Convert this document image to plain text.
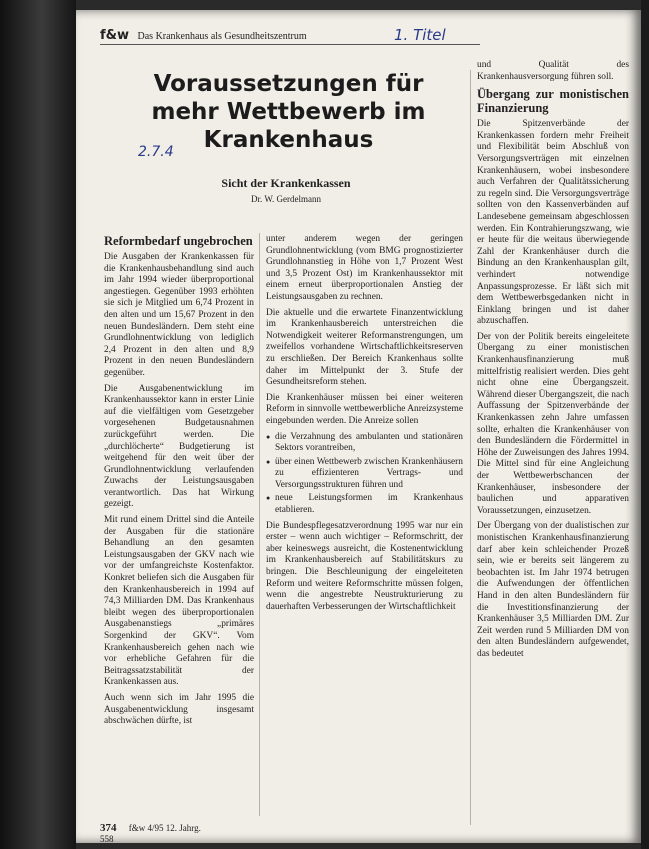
f&w Das Krankenhaus als Gesundheitszentrum	1. Titel
2.7.4
Voraussetzungen für mehr Wettbewerb im Krankenhaus
Sicht der Krankenkassen
Dr. W. Gerdelmann
Reformbedarf ungebrochen

Die Ausgaben der Krankenkassen für die Krankenhausbehandlung sind auch im Jahr 1994 wieder überproportional angestiegen. Gegenüber 1993 erhöhten sie sich je Mitglied um 6,74 Prozent in den alten und um 15,67 Prozent in den neuen Bundesländern. Dem steht eine Grundlohnentwicklung von lediglich 2,4 Prozent in den alten und 8,9 Prozent in den neuen Bundesländern gegenüber.

Die Ausgabenentwicklung im Krankenhaussektor kann in erster Linie auf die vielfältigen vom Gesetzgeber vorgesehenen Budgetausnahmen zurückgeführt werden. Die „durchlöcherte“ Budgetierung ist weitgehend für den weit über der Grundlohnentwicklung verlaufenden Zuwachs der Leistungsausgaben verantwortlich. Das hat Wirkung gezeigt.

Mit rund einem Drittel sind die Anteile der Ausgaben für die stationäre Behandlung an den gesamten Leistungsausgaben der GKV nach wie vor der umfangreichste Kostenfaktor. Konkret beliefen sich die Ausgaben für den Krankenhausbereich in 1994 auf 74,3 Milliarden DM. Das Krankenhaus bleibt wegen des überproportionalen Ausgabenanstiegs „primäres Sorgenkind der GKV“. Vom Krankenhausbereich gehen nach wie vor erhebliche Gefahren für die Beitragssatzstabilität der Krankenkassen aus.

Auch wenn sich im Jahr 1995 die Ausgabenentwicklung insgesamt abschwächen dürfte, ist

unter anderem wegen der geringen Grundlohnentwicklung (vom BMG prognostizierter Grundlohnanstieg in Höhe von 1,7 Prozent West und 3,5 Prozent Ost) im Krankenhaussektor mit einem erneut überproportionalen Anstieg der Leistungsausgaben zu rechnen.

Die aktuelle und die erwartete Finanzentwicklung im Krankenhausbereich unterstreichen die Notwendigkeit weiterer Reformanstrengungen, um zweifellos vorhandene Wirtschaftlichkeitsreserven zu erschließen. Der Bereich Krankenhaus sollte daher im Mittelpunkt der 3. Stufe der Gesundheitsreform stehen.

Die Krankenhäuser müssen bei einer weiteren Reform in sinnvolle wettbewerbliche Anreizsysteme eingebunden werden. Die Anreize sollen

● die Verzahnung des ambulanten und stationären Sektors vorantreiben,
● über einen Wettbewerb zwischen Krankenhäusern zu effizienteren Vertrags- und Versorgungsstrukturen führen und
● neue Leistungsformen im Krankenhaus etablieren.

Die Bundespflegesatzverordnung 1995 war nur ein erster – wenn auch wichtiger – Reformschritt, der aber keineswegs ausreicht, die Kostenentwicklung im Krankenhausbereich auf Stabilitätskurs zu bringen. Die Beschleunigung der eingeleiteten Reform und weitere Reformschritte müssen folgen, wenn die angestrebte Neustrukturierung zu dauerhaften Verbesserungen der Wirtschaftlichkeit

und Qualität des Krankenhausversorgung führen soll.

Übergang zur monistischen Finanzierung

Die Spitzenverbände der Krankenkassen fordern mehr Freiheit und Flexibilität beim Abschluß von Versorgungsverträgen mit einzelnen Krankenhäusern, wobei insbesondere auch Verfahren der Qualitätssicherung zu regeln sind. Die Versorgungsverträge sollten von den Kassenverbänden auf Landesebene gemeinsam abgeschlossen werden. Ein Kontrahierungszwang, wie er heute für die weitaus überwiegende Zahl der Krankenhäuser durch die Bindung an den Krankenhausplan gilt, verhindert notwendige Anpassungsprozesse. Er läßt sich mit dem Wettbewerbsgedanken nicht in Einklang bringen und ist daher abzuschaffen.

Der von der Politik bereits eingeleitete Übergang zu einer monistischen Krankenhausfinanzierung muß mittelfristig realisiert werden. Dies geht nicht ohne eine Übergangszeit. Während dieser Übergangszeit, die nach Auffassung der Spitzenverbände der Krankenkassen zehn Jahre umfassen sollte, erhalten die Krankenhäuser von den Bundesländern die Fördermittel in Höhe der Zuweisungen des Jahres 1994. Die Mittel sind für eine Angleichung der Wettbewerbschancen der Krankenhäuser, insbesondere der baulichen und apparativen Voraussetzungen, einzusetzen.

Der Übergang von der dualistischen zur monistischen Krankenhausfinanzierung darf aber kein schleichender Prozeß sein, wie er bereits seit längerem zu beobachten ist. Im Jahr 1974 betrugen die Aufwendungen der öffentlichen Hand in den alten Bundesländern für die Investitionsfinanzierung der Krankenhäuser 3,5 Milliarden DM. Zur Zeit werden rund 5 Milliarden DM von den alten Bundesländern aufgewendet, das bedeutet

374 f&w 4/95 12. Jahrg.
558
